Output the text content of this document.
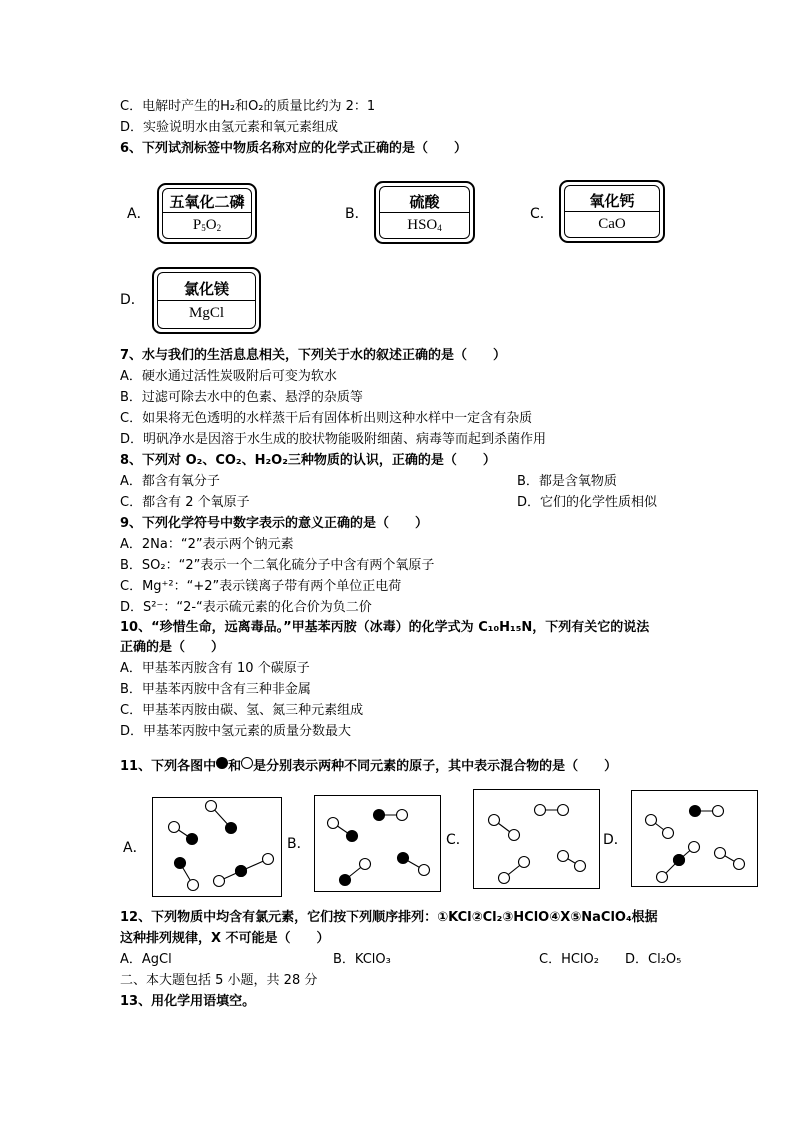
C．电解时产生的H₂和O₂的质量比约为 2：1
D．实验说明水由氢元素和氧元素组成
6、下列试剂标签中物质名称对应的化学式正确的是（　　）
A．
五氧化二磷
$P_5O_2$
B．
硫酸
$HSO_4$
C．
氧化钙
CaO
D．
氯化镁
MgCl
7、水与我们的生活息息相关，下列关于水的叙述正确的是（　　）
A．硬水通过活性炭吸附后可变为软水
B．过滤可除去水中的色素、悬浮的杂质等
C．如果将无色透明的水样蒸干后有固体析出则这种水样中一定含有杂质
D．明矾净水是因溶于水生成的胶状物能吸附细菌、病毒等而起到杀菌作用
8、下列对 O₂、CO₂、H₂O₂三种物质的认识，正确的是（　　）
A．都含有氧分子	B．都是含氧物质
C．都含有 2 个氧原子	D．它们的化学性质相似
9、下列化学符号中数字表示的意义正确的是（　　）
A．2Na：“2”表示两个钠元素
B．SO₂：“2”表示一个二氧化硫分子中含有两个氧原子
C．Mg⁺²：“+2”表示镁离子带有两个单位正电荷
D．S²⁻：“2-“表示硫元素的化合价为负二价
10、“珍惜生命，远离毒品。”甲基苯丙胺（冰毒）的化学式为 C₁₀H₁₅N，下列有关它的说法
正确的是（　　）
A．甲基苯丙胺含有 10 个碳原子
B．甲基苯丙胺中含有三种非金属
C．甲基苯丙胺由碳、氢、氮三种元素组成
D．甲基苯丙胺中氢元素的质量分数最大
11、下列各图中 和 是分别表示两种不同元素的原子，其中表示混合物的是（　　）
A．	B．	C．	D．
12、下列物质中均含有氯元素，它们按下列顺序排列：①KCl②Cl₂③HClO④X⑤NaClO₄根据
这种排列规律，X 不可能是（　　）
A．AgCl	B．KClO₃	C．HClO₂ D．Cl₂O₅
二、本大题包括 5 小题，共 28 分
13、用化学用语填空。
